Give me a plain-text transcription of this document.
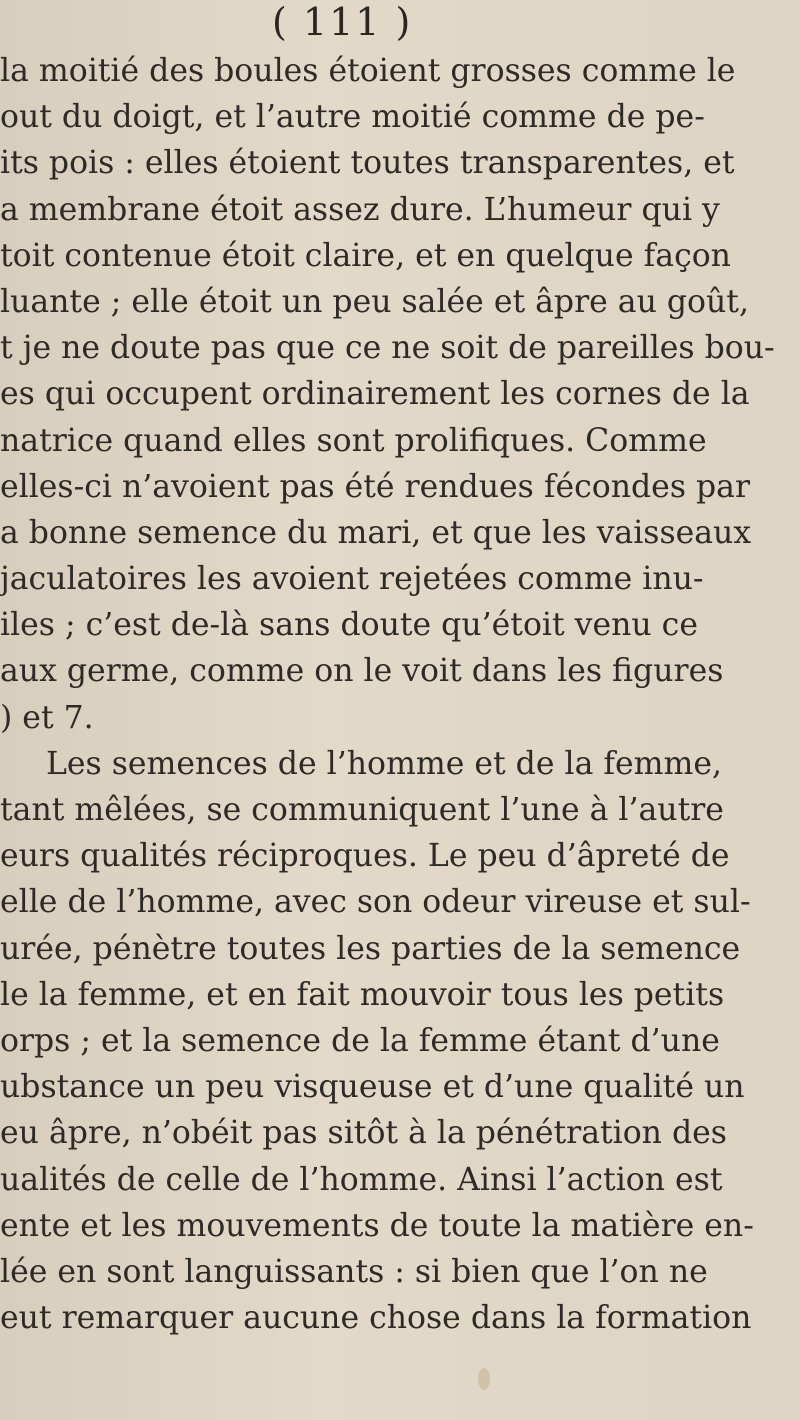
( 111 )
la moitié des boules étoient grosses comme le
out du doigt, et l’autre moitié comme de pe-
its pois : elles étoient toutes transparentes, et
a membrane étoit assez dure. L’humeur qui y
toit contenue étoit claire, et en quelque façon
luante ; elle étoit un peu salée et âpre au goût,
t je ne doute pas que ce ne soit de pareilles bou-
es qui occupent ordinairement les cornes de la
natrice quand elles sont prolifiques. Comme
elles-ci n’avoient pas été rendues fécondes par
a bonne semence du mari, et que les vaisseaux
jaculatoires les avoient rejetées comme inu-
iles ; c’est de-là sans doute qu’étoit venu ce
aux germe, comme on le voit dans les figures
) et 7.
Les semences de l’homme et de la femme,
tant mêlées, se communiquent l’une à l’autre
eurs qualités réciproques. Le peu d’âpreté de
elle de l’homme, avec son odeur vireuse et sul-
urée, pénètre toutes les parties de la semence
le la femme, et en fait mouvoir tous les petits
orps ; et la semence de la femme étant d’une
ubstance un peu visqueuse et d’une qualité un
eu âpre, n’obéit pas sitôt à la pénétration des
ualités de celle de l’homme. Ainsi l’action est
ente et les mouvements de toute la matière en-
lée en sont languissants : si bien que l’on ne
eut remarquer aucune chose dans la formation
